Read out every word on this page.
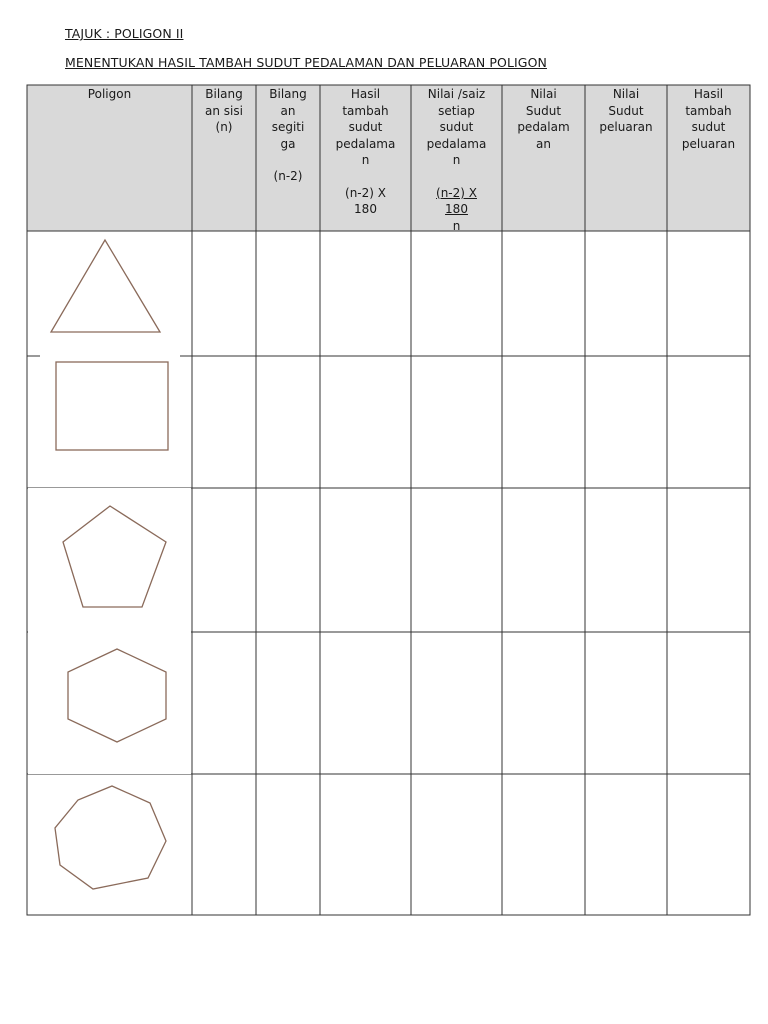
TAJUK : POLIGON II
MENENTUKAN HASIL TAMBAH SUDUT PEDALAMAN DAN PELUARAN POLIGON
Poligon	Bilang
an sisi
(n)
Bilang
an
segiti
ga
(n-2)
Hasil
tambah
sudut
pedalama
n
(n-2) X
180
Nilai /saiz
setiap
sudut
pedalama
n
(n-2) X
180
n
Nilai
Sudut
pedalam
an
Nilai
Sudut
peluaran
Hasil
tambah
sudut
peluaran
